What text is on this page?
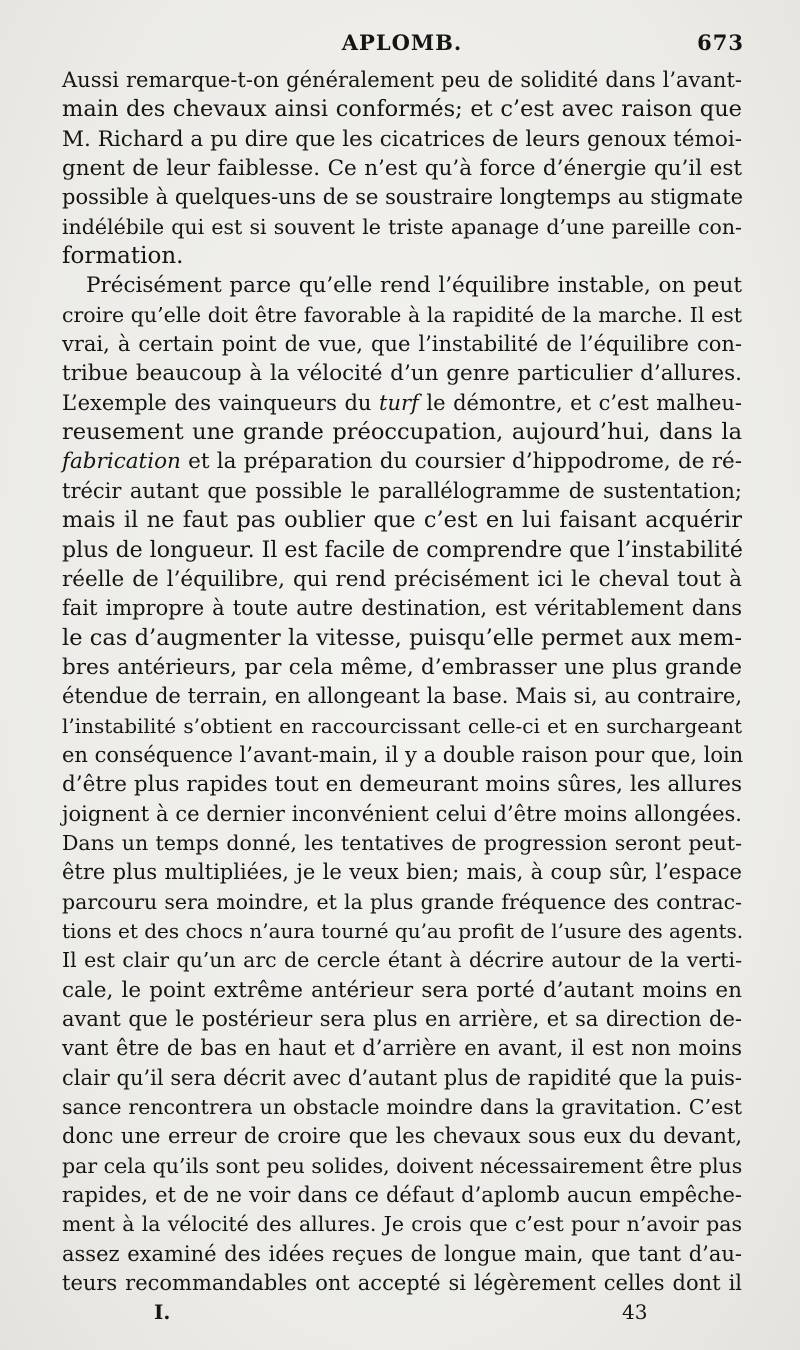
APLOMB.	673
Aussi remarque-t-on généralement peu de solidité dans l’avant-
main des chevaux ainsi conformés; et c’est avec raison que
M. Richard a pu dire que les cicatrices de leurs genoux témoi-
gnent de leur faiblesse. Ce n’est qu’à force d’énergie qu’il est
possible à quelques-uns de se soustraire longtemps au stigmate
indélébile qui est si souvent le triste apanage d’une pareille con-
formation.
Précisément parce qu’elle rend l’équilibre instable, on peut
croire qu’elle doit être favorable à la rapidité de la marche. Il est
vrai, à certain point de vue, que l’instabilité de l’équilibre con-
tribue beaucoup à la vélocité d’un genre particulier d’allures.
L’exemple des vainqueurs du turf le démontre, et c’est malheu-
reusement une grande préoccupation, aujourd’hui, dans la
fabrication et la préparation du coursier d’hippodrome, de ré-
trécir autant que possible le parallélogramme de sustentation;
mais il ne faut pas oublier que c’est en lui faisant acquérir
plus de longueur. Il est facile de comprendre que l’instabilité
réelle de l’équilibre, qui rend précisément ici le cheval tout à
fait impropre à toute autre destination, est véritablement dans
le cas d’augmenter la vitesse, puisqu’elle permet aux mem-
bres antérieurs, par cela même, d’embrasser une plus grande
étendue de terrain, en allongeant la base. Mais si, au contraire,
l’instabilité s’obtient en raccourcissant celle-ci et en surchargeant
en conséquence l’avant-main, il y a double raison pour que, loin
d’être plus rapides tout en demeurant moins sûres, les allures
joignent à ce dernier inconvénient celui d’être moins allongées.
Dans un temps donné, les tentatives de progression seront peut-
être plus multipliées, je le veux bien; mais, à coup sûr, l’espace
parcouru sera moindre, et la plus grande fréquence des contrac-
tions et des chocs n’aura tourné qu’au profit de l’usure des agents.
Il est clair qu’un arc de cercle étant à décrire autour de la verti-
cale, le point extrême antérieur sera porté d’autant moins en
avant que le postérieur sera plus en arrière, et sa direction de-
vant être de bas en haut et d’arrière en avant, il est non moins
clair qu’il sera décrit avec d’autant plus de rapidité que la puis-
sance rencontrera un obstacle moindre dans la gravitation. C’est
donc une erreur de croire que les chevaux sous eux du devant,
par cela qu’ils sont peu solides, doivent nécessairement être plus
rapides, et de ne voir dans ce défaut d’aplomb aucun empêche-
ment à la vélocité des allures. Je crois que c’est pour n’avoir pas
assez examiné des idées reçues de longue main, que tant d’au-
teurs recommandables ont accepté si légèrement celles dont il
I.	43
